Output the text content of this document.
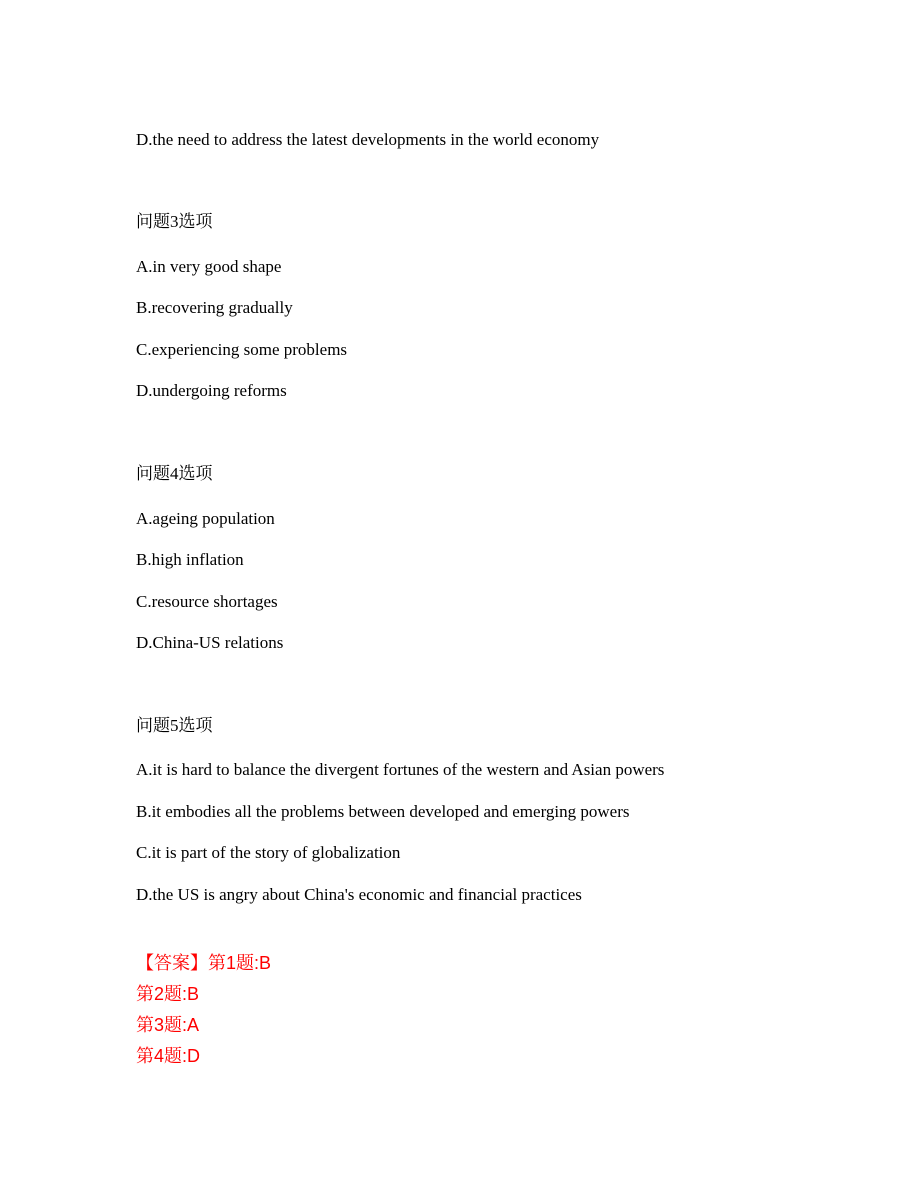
D.the need to address the latest developments in the world economy
问题3选项
A.in very good shape
B.recovering gradually
C.experiencing some problems
D.undergoing reforms
问题4选项
A.ageing population
B.high inflation
C.resource shortages
D.China-US relations
问题5选项
A.it is hard to balance the divergent fortunes of the western and Asian powers
B.it embodies all the problems between developed and emerging powers
C.it is part of the story of globalization
D.the US is angry about China's economic and financial practices
【答案】第1题:B
第2题:B
第3题:A
第4题:D
